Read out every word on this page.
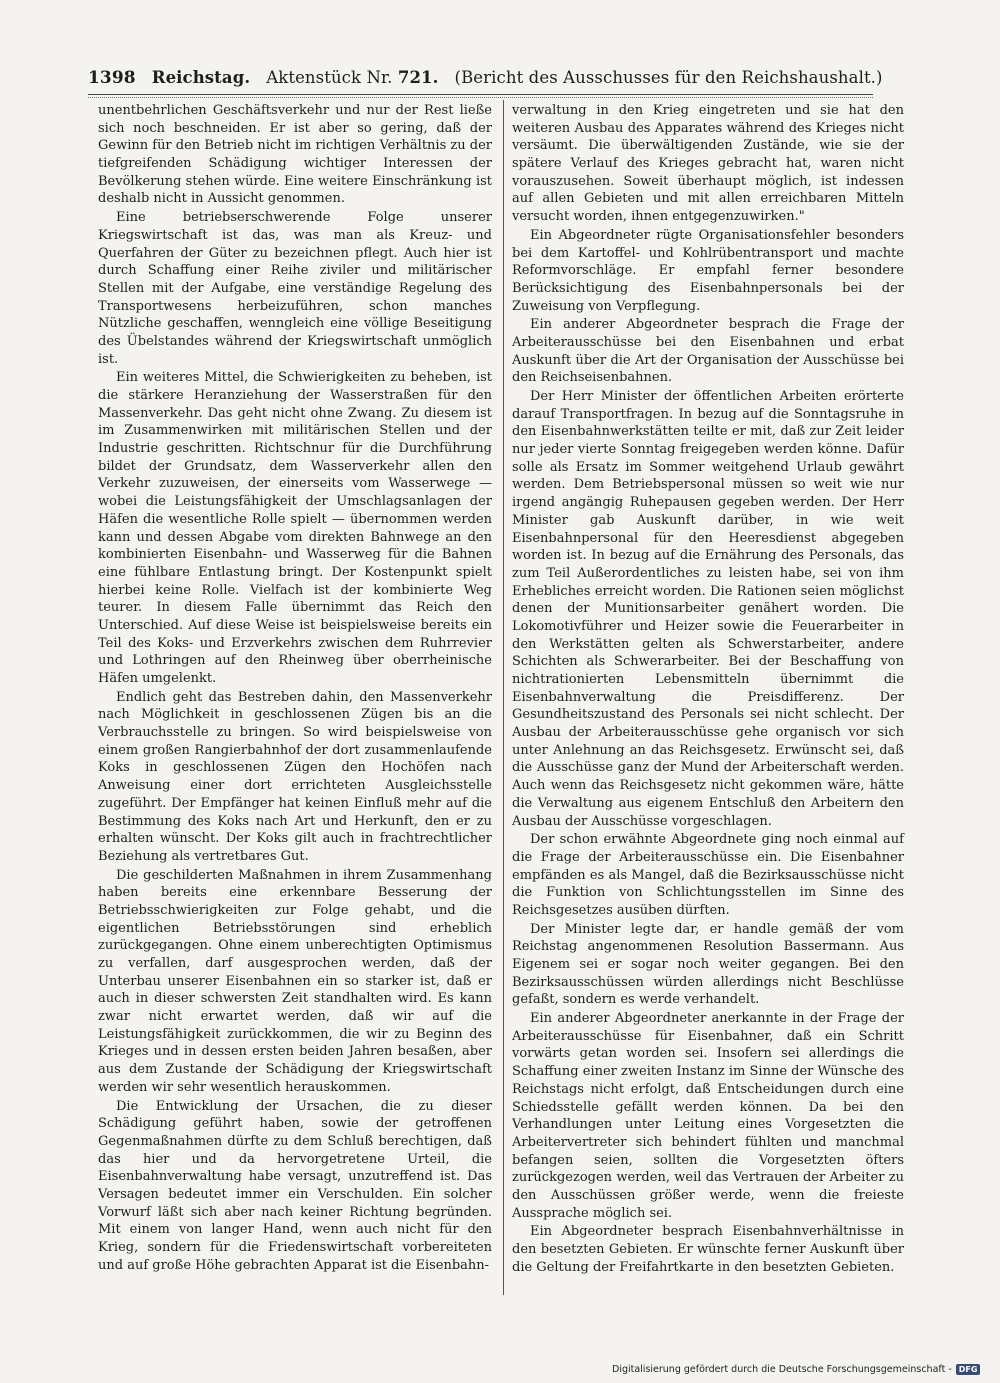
1398 Reichstag. Aktenstück Nr. 721. (Bericht des Ausschusses für den Reichshaushalt.)

unentbehrlichen Geschäftsverkehr und nur der Rest ließe sich noch beschneiden. Er ist aber so gering, daß der Gewinn für den Betrieb nicht im richtigen Verhältnis zu der tiefgreifenden Schädigung wichtiger Interessen der Bevölkerung stehen würde. Eine weitere Einschränkung ist deshalb nicht in Aussicht genommen.

Eine betriebserschwerende Folge unserer Kriegswirtschaft ist das, was man als Kreuz- und Querfahren der Güter zu bezeichnen pflegt. Auch hier ist durch Schaffung einer Reihe ziviler und militärischer Stellen mit der Aufgabe, eine verständige Regelung des Transportwesens herbeizuführen, schon manches Nützliche geschaffen, wenngleich eine völlige Beseitigung des Übelstandes während der Kriegswirtschaft unmöglich ist.

Ein weiteres Mittel, die Schwierigkeiten zu beheben, ist die stärkere Heranziehung der Wasserstraßen für den Massenverkehr. Das geht nicht ohne Zwang. Zu diesem ist im Zusammenwirken mit militärischen Stellen und der Industrie geschritten. Richtschnur für die Durchführung bildet der Grundsatz, dem Wasserverkehr allen den Verkehr zuzuweisen, der einerseits vom Wasserwege — wobei die Leistungsfähigkeit der Umschlagsanlagen der Häfen die wesentliche Rolle spielt — übernommen werden kann und dessen Abgabe vom direkten Bahnwege an den kombinierten Eisenbahn- und Wasserweg für die Bahnen eine fühlbare Entlastung bringt. Der Kostenpunkt spielt hierbei keine Rolle. Vielfach ist der kombinierte Weg teurer. In diesem Falle übernimmt das Reich den Unterschied. Auf diese Weise ist beispielsweise bereits ein Teil des Koks- und Erzverkehrs zwischen dem Ruhrrevier und Lothringen auf den Rheinweg über oberrheinische Häfen umgelenkt.

Endlich geht das Bestreben dahin, den Massenverkehr nach Möglichkeit in geschlossenen Zügen bis an die Verbrauchsstelle zu bringen. So wird beispielsweise von einem großen Rangierbahnhof der dort zusammenlaufende Koks in geschlossenen Zügen den Hochöfen nach Anweisung einer dort errichteten Ausgleichsstelle zugeführt. Der Empfänger hat keinen Einfluß mehr auf die Bestimmung des Koks nach Art und Herkunft, den er zu erhalten wünscht. Der Koks gilt auch in frachtrechtlicher Beziehung als vertretbares Gut.

Die geschilderten Maßnahmen in ihrem Zusammenhang haben bereits eine erkennbare Besserung der Betriebsschwierigkeiten zur Folge gehabt, und die eigentlichen Betriebsstörungen sind erheblich zurückgegangen. Ohne einem unberechtigten Optimismus zu verfallen, darf ausgesprochen werden, daß der Unterbau unserer Eisenbahnen ein so starker ist, daß er auch in dieser schwersten Zeit standhalten wird. Es kann zwar nicht erwartet werden, daß wir auf die Leistungsfähigkeit zurückkommen, die wir zu Beginn des Krieges und in dessen ersten beiden Jahren besaßen, aber aus dem Zustande der Schädigung der Kriegswirtschaft werden wir sehr wesentlich herauskommen.

Die Entwicklung der Ursachen, die zu dieser Schädigung geführt haben, sowie der getroffenen Gegenmaßnahmen dürfte zu dem Schluß berechtigen, daß das hier und da hervorgetretene Urteil, die Eisenbahnverwaltung habe versagt, unzutreffend ist. Das Versagen bedeutet immer ein Verschulden. Ein solcher Vorwurf läßt sich aber nach keiner Richtung begründen. Mit einem von langer Hand, wenn auch nicht für den Krieg, sondern für die Friedenswirtschaft vorbereiteten und auf große Höhe gebrachten Apparat ist die Eisenbahn-

verwaltung in den Krieg eingetreten und sie hat den weiteren Ausbau des Apparates während des Krieges nicht versäumt. Die überwältigenden Zustände, wie sie der spätere Verlauf des Krieges gebracht hat, waren nicht vorauszusehen. Soweit überhaupt möglich, ist indessen auf allen Gebieten und mit allen erreichbaren Mitteln versucht worden, ihnen entgegenzuwirken."

Ein Abgeordneter rügte Organisationsfehler besonders bei dem Kartoffel- und Kohlrübentransport und machte Reformvorschläge. Er empfahl ferner besondere Berücksichtigung des Eisenbahnpersonals bei der Zuweisung von Verpflegung.

Ein anderer Abgeordneter besprach die Frage der Arbeiterausschüsse bei den Eisenbahnen und erbat Auskunft über die Art der Organisation der Ausschüsse bei den Reichseisenbahnen.

Der Herr Minister der öffentlichen Arbeiten erörterte darauf Transportfragen. In bezug auf die Sonntagsruhe in den Eisenbahnwerkstätten teilte er mit, daß zur Zeit leider nur jeder vierte Sonntag freigegeben werden könne. Dafür solle als Ersatz im Sommer weitgehend Urlaub gewährt werden. Dem Betriebspersonal müssen so weit wie nur irgend angängig Ruhepausen gegeben werden. Der Herr Minister gab Auskunft darüber, in wie weit Eisenbahnpersonal für den Heeresdienst abgegeben worden ist. In bezug auf die Ernährung des Personals, das zum Teil Außerordentliches zu leisten habe, sei von ihm Erhebliches erreicht worden. Die Rationen seien möglichst denen der Munitionsarbeiter genähert worden. Die Lokomotivführer und Heizer sowie die Feuerarbeiter in den Werkstätten gelten als Schwerstarbeiter, andere Schichten als Schwerarbeiter. Bei der Beschaffung von nichtrationierten Lebensmitteln übernimmt die Eisenbahnverwaltung die Preisdifferenz. Der Gesundheitszustand des Personals sei nicht schlecht. Der Ausbau der Arbeiterausschüsse gehe organisch vor sich unter Anlehnung an das Reichsgesetz. Erwünscht sei, daß die Ausschüsse ganz der Mund der Arbeiterschaft werden. Auch wenn das Reichsgesetz nicht gekommen wäre, hätte die Verwaltung aus eigenem Entschluß den Arbeitern den Ausbau der Ausschüsse vorgeschlagen.

Der schon erwähnte Abgeordnete ging noch einmal auf die Frage der Arbeiterausschüsse ein. Die Eisenbahner empfänden es als Mangel, daß die Bezirksausschüsse nicht die Funktion von Schlichtungsstellen im Sinne des Reichsgesetzes ausüben dürften.

Der Minister legte dar, er handle gemäß der vom Reichstag angenommenen Resolution Bassermann. Aus Eigenem sei er sogar noch weiter gegangen. Bei den Bezirksausschüssen würden allerdings nicht Beschlüsse gefaßt, sondern es werde verhandelt.

Ein anderer Abgeordneter anerkannte in der Frage der Arbeiterausschüsse für Eisenbahner, daß ein Schritt vorwärts getan worden sei. Insofern sei allerdings die Schaffung einer zweiten Instanz im Sinne der Wünsche des Reichstags nicht erfolgt, daß Entscheidungen durch eine Schiedsstelle gefällt werden können. Da bei den Verhandlungen unter Leitung eines Vorgesetzten die Arbeitervertreter sich behindert fühlten und manchmal befangen seien, sollten die Vorgesetzten öfters zurückgezogen werden, weil das Vertrauen der Arbeiter zu den Ausschüssen größer werde, wenn die freieste Aussprache möglich sei.

Ein Abgeordneter besprach Eisenbahnverhältnisse in den besetzten Gebieten. Er wünschte ferner Auskunft über die Geltung der Freifahrtkarte in den besetzten Gebieten.

Digitalisierung gefördert durch die Deutsche Forschungsgemeinschaft - DFG
